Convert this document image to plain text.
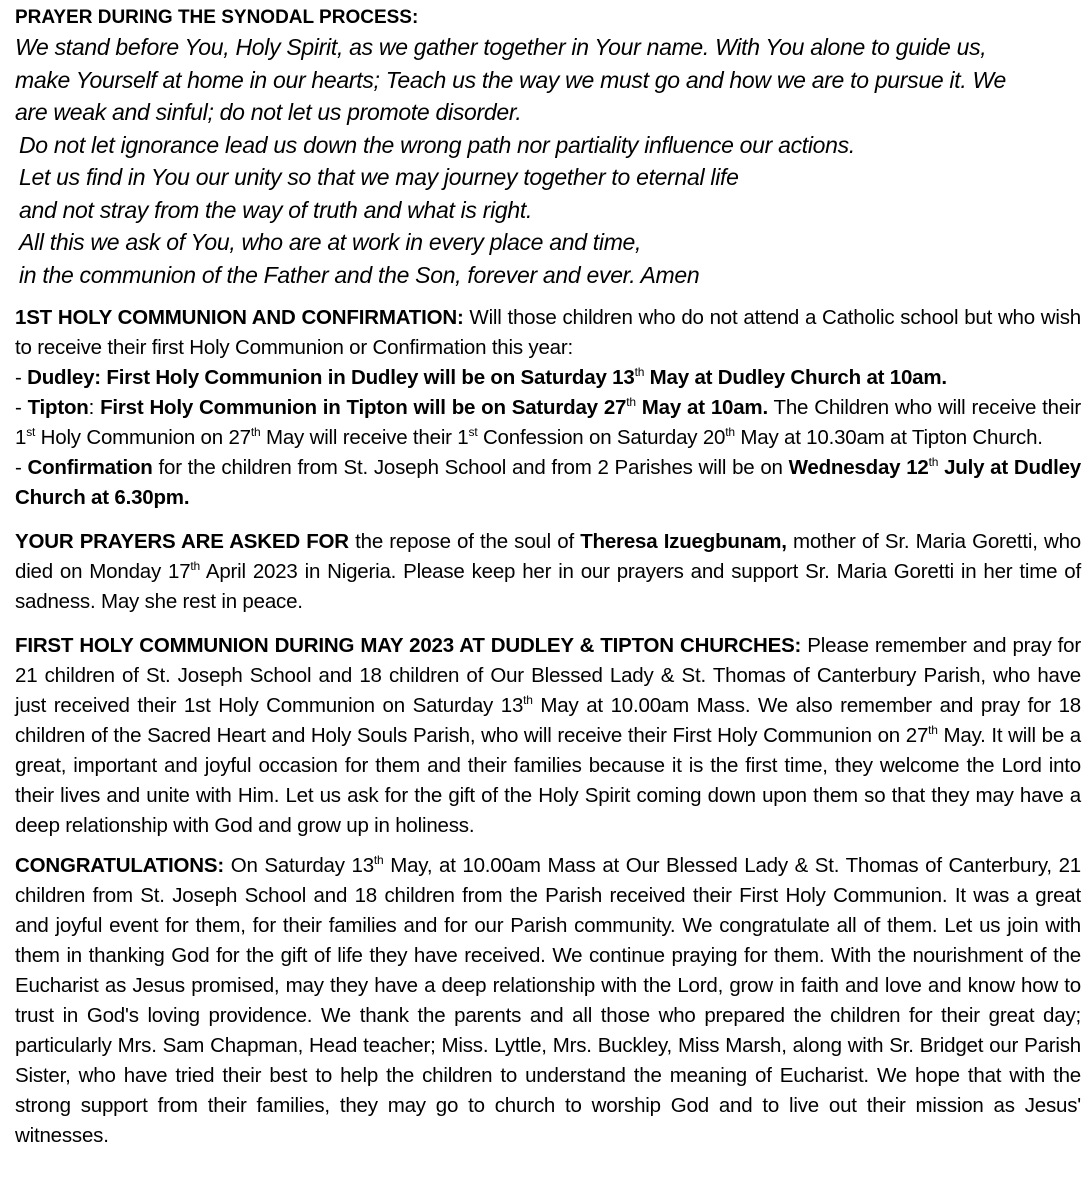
PRAYER DURING THE SYNODAL PROCESS:
We stand before You, Holy Spirit, as we gather together in Your name. With You alone to guide us,
make Yourself at home in our hearts; Teach us the way we must go and how we are to pursue it. We
are weak and sinful; do not let us promote disorder.
Do not let ignorance lead us down the wrong path nor partiality influence our actions.
Let us find in You our unity so that we may journey together to eternal life
and not stray from the way of truth and what is right.
All this we ask of You, who are at work in every place and time,
in the communion of the Father and the Son, forever and ever. Amen

1ST HOLY COMMUNION AND CONFIRMATION: Will those children who do not attend a Catholic school but who wish to receive their first Holy Communion or Confirmation this year:

- Dudley: First Holy Communion in Dudley will be on Saturday 13th May at Dudley Church at 10am.

- Tipton: First Holy Communion in Tipton will be on Saturday 27th May at 10am. The Children who will receive their 1st Holy Communion on 27th May will receive their 1st Confession on Saturday 20th May at 10.30am at Tipton Church.

- Confirmation for the children from St. Joseph School and from 2 Parishes will be on Wednesday 12th July at Dudley Church at 6.30pm.

YOUR PRAYERS ARE ASKED FOR the repose of the soul of Theresa Izuegbunam, mother of Sr. Maria Goretti, who died on Monday 17th April 2023 in Nigeria. Please keep her in our prayers and support Sr. Maria Goretti in her time of sadness. May she rest in peace.

FIRST HOLY COMMUNION DURING MAY 2023 AT DUDLEY & TIPTON CHURCHES: Please remember and pray for 21 children of St. Joseph School and 18 children of Our Blessed Lady & St. Thomas of Canterbury Parish, who have just received their 1st Holy Communion on Saturday 13th May at 10.00am Mass. We also remember and pray for 18 children of the Sacred Heart and Holy Souls Parish, who will receive their First Holy Communion on 27th May. It will be a great, important and joyful occasion for them and their families because it is the first time, they welcome the Lord into their lives and unite with Him. Let us ask for the gift of the Holy Spirit coming down upon them so that they may have a deep relationship with God and grow up in holiness.

CONGRATULATIONS: On Saturday 13th May, at 10.00am Mass at Our Blessed Lady & St. Thomas of Canterbury, 21 children from St. Joseph School and 18 children from the Parish received their First Holy Communion. It was a great and joyful event for them, for their families and for our Parish community. We congratulate all of them. Let us join with them in thanking God for the gift of life they have received. We continue praying for them. With the nourishment of the Eucharist as Jesus promised, may they have a deep relationship with the Lord, grow in faith and love and know how to trust in God's loving providence. We thank the parents and all those who prepared the children for their great day; particularly Mrs. Sam Chapman, Head teacher; Miss. Lyttle, Mrs. Buckley, Miss Marsh, along with Sr. Bridget our Parish Sister, who have tried their best to help the children to understand the meaning of Eucharist. We hope that with the strong support from their families, they may go to church to worship God and to live out their mission as Jesus' witnesses.
